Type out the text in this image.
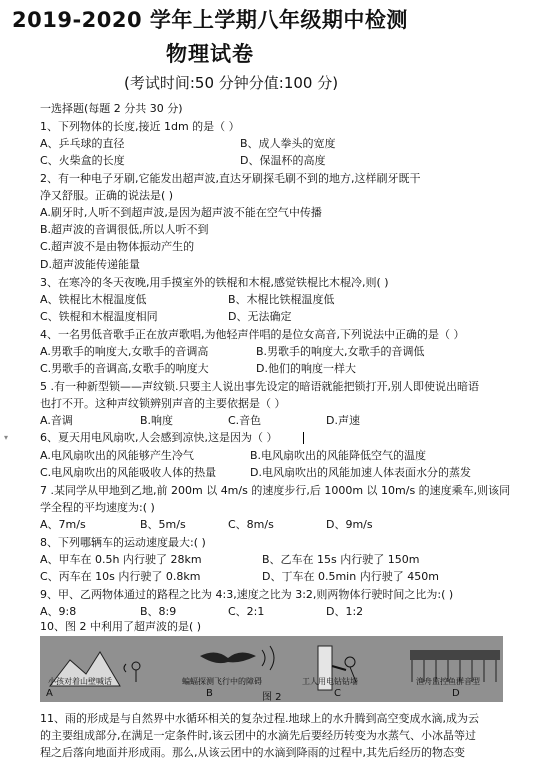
2019-2020 学年上学期八年级期中检测
物理试卷
(考试时间:50 分钟分值:100 分)
一选择题(每题 2 分共 30 分)
1、下列物体的长度,接近 1dm 的是（ ）
A、乒乓球的直径	B、成人拳头的宽度
C、火柴盒的长度	D、保温杯的高度
2、有一种电子牙刷,它能发出超声波,直达牙刷探毛刷不到的地方,这样刷牙既干
净又舒服。正确的说法是( )
A.刷牙时,人听不到超声波,是因为超声波不能在空气中传播
B.超声波的音调很低,所以人听不到
C.超声波不是由物体振动产生的
D.超声波能传递能量
3、在寒冷的冬天夜晚,用手摸室外的铁棍和木棍,感觉铁棍比木棍冷,则( )
A、铁棍比木棍温度低	B、木棍比铁棍温度低
C、铁棍和木棍温度相同	D、无法确定
4、一名男低音歌手正在放声歌唱,为他轻声伴唱的是位女高音,下列说法中正确的是（ ）
A.男歌手的响度大,女歌手的音调高	B.男歌手的响度大,女歌手的音调低
C.男歌手的音调高,女歌手的响度大	D.他们的响度一样大
5 .有一种新型锁——声纹锁.只要主人说出事先设定的暗语就能把锁打开,别人即使说出暗语
也打不开。这种声纹锁辨别声音的主要依据是（ ）
A.音调	B.响度	C.音色	D.声速
▾	6、夏天用电风扇吹,人会感到凉快,这是因为（ ）
A.电风扇吹出的风能够产生冷气	B.电风扇吹出的风能降低空气的温度
C.电风扇吹出的风能吸收人体的热量	D.电风扇吹出的风能加速人体表面水分的蒸发
7 .某同学从甲地到乙地,前 200m 以 4m/s 的速度步行,后 1000m 以 10m/s 的速度乘车,则该同
学全程的平均速度为:( )
A、7m/s	B、5m/s	C、8m/s	D、9m/s
8、下列哪辆车的运动速度最大:( )
A、甲车在 0.5h 内行驶了 28km	B、乙车在 15s 内行驶了 150m
C、丙车在 10s 内行驶了 0.8km	D、丁车在 0.5min 内行驶了 450m
9、甲、乙两物体通过的路程之比为 4:3,速度之比为 3:2,则两物体行驶时间之比为:( )
A、9:8	B、8:9	C、2:1	D、1:2
10、图 2 中利用了超声波的是( )
小孩对着山壁喊话	蝙蝠探测飞行中的障碍	工人用电钻钻墙	渔舟监控鱼群音型
A	B	图 2	C	D
11、雨的形成是与自然界中水循环相关的复杂过程.地球上的水升腾到高空变成水滴,成为云
的主要组成部分,在满足一定条件时,该云团中的水滴先后要经历转变为水蒸气、小冰晶等过
程之后落向地面并形成雨。那么,从该云团中的水滴到降雨的过程中,其先后经历的物态变
